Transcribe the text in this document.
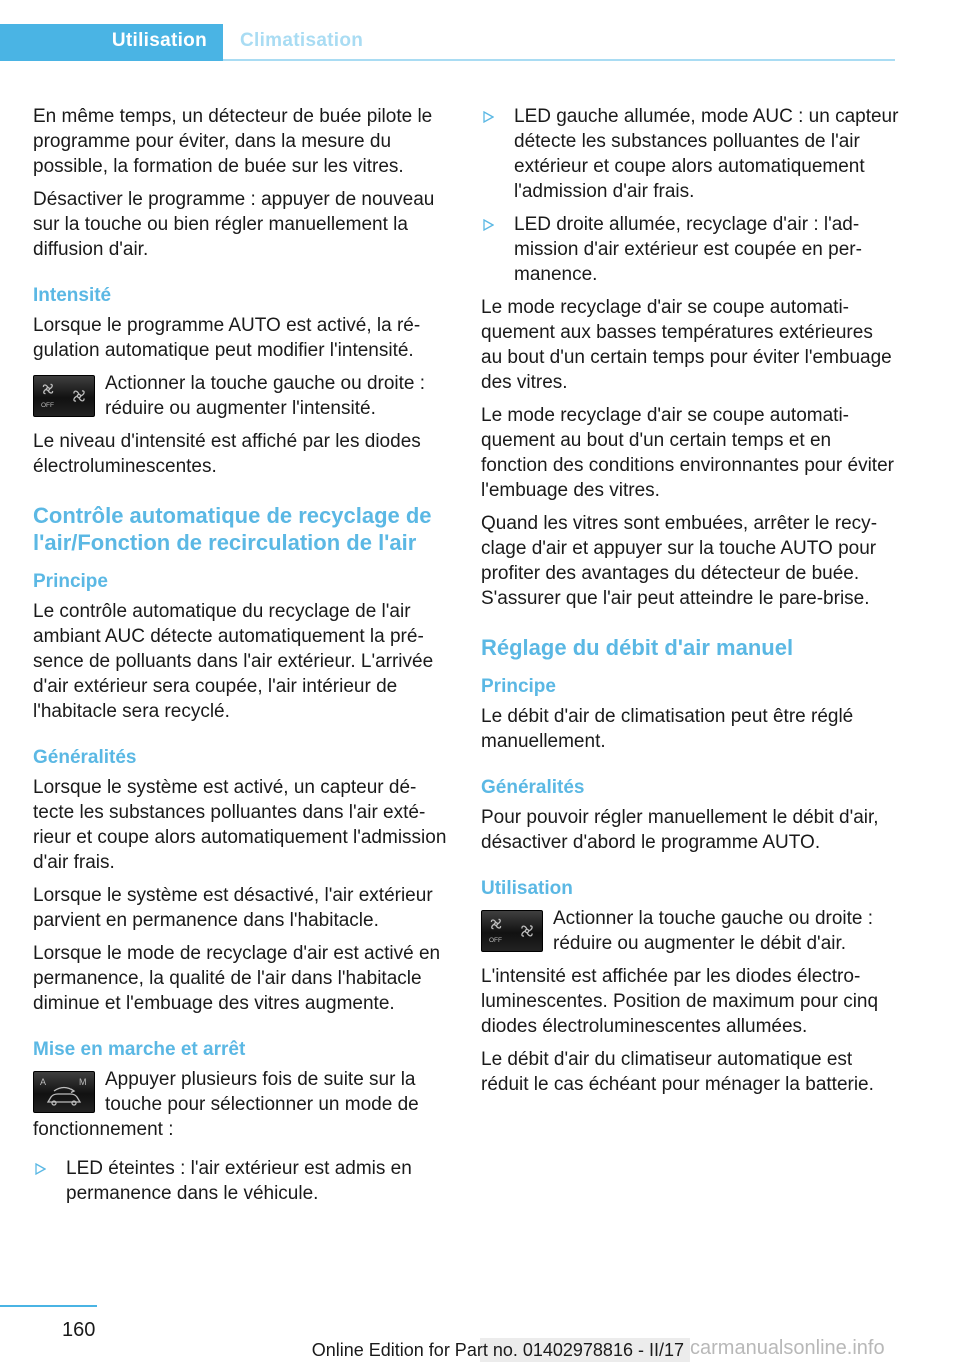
Utilisation Climatisation

En même temps, un détecteur de buée pilote le programme pour éviter, dans la mesure du possible, la formation de buée sur les vitres.

Désactiver le programme : appuyer de nouveau sur la touche ou bien régler manuellement la diffusion d'air.

Intensité

Lorsque le programme AUTO est activé, la régulation automatique peut modifier l'intensité.

OFF
Actionner la touche gauche ou droite : réduire ou augmenter l'intensité.

Le niveau d'intensité est affiché par les diodes électroluminescentes.

Contrôle automatique de recyclage de l'air/Fonction de recirculation de l'air
Principe

Le contrôle automatique du recyclage de l'air ambiant AUC détecte automatiquement la présence de polluants dans l'air extérieur. L'arrivée d'air extérieur sera coupée, l'air intérieur de l'habitacle sera recyclé.

Généralités

Lorsque le système est activé, un capteur détecte les substances polluantes dans l'air extérieur et coupe alors automatiquement l'admission d'air frais.

Lorsque le système est désactivé, l'air extérieur parvient en permanence dans l'habitacle.

Lorsque le mode de recyclage d'air est activé en permanence, la qualité de l'air dans l'habitacle diminue et l'embuage des vitres augmente.

Mise en marche et arrêt
A	M Appuyer plusieurs fois de suite sur la touche pour sélectionner un mode de fonctionnement :
LED éteintes : l'air extérieur est admis en permanence dans le véhicule.
LED gauche allumée, mode AUC : un capteur détecte les substances polluantes de l'air extérieur et coupe alors automatiquement l'admission d'air frais.
LED droite allumée, recyclage d'air : l'admission d'air extérieur est coupée en permanence.

Le mode recyclage d'air se coupe automatiquement aux basses températures extérieures au bout d'un certain temps pour éviter l'embuage des vitres.

Le mode recyclage d'air se coupe automatiquement au bout d'un certain temps et en fonction des conditions environnantes pour éviter l'embuage des vitres.

Quand les vitres sont embuées, arrêter le recyclage d'air et appuyer sur la touche AUTO pour profiter des avantages du détecteur de buée. S'assurer que l'air peut atteindre le pare-brise.

Réglage du débit d'air manuel
Principe

Le débit d'air de climatisation peut être réglé manuellement.

Généralités

Pour pouvoir régler manuellement le débit d'air, désactiver d'abord le programme AUTO.

Utilisation
OFF
Actionner la touche gauche ou droite : réduire ou augmenter le débit d'air.

L'intensité est affichée par les diodes électroluminescentes. Position de maximum pour cinq diodes électroluminescentes allumées.

Le débit d'air du climatiseur automatique est réduit le cas échéant pour ménager la batterie.

160
Online Edition for Part no. 01402978816 - II/17 carmanualsonline.info
